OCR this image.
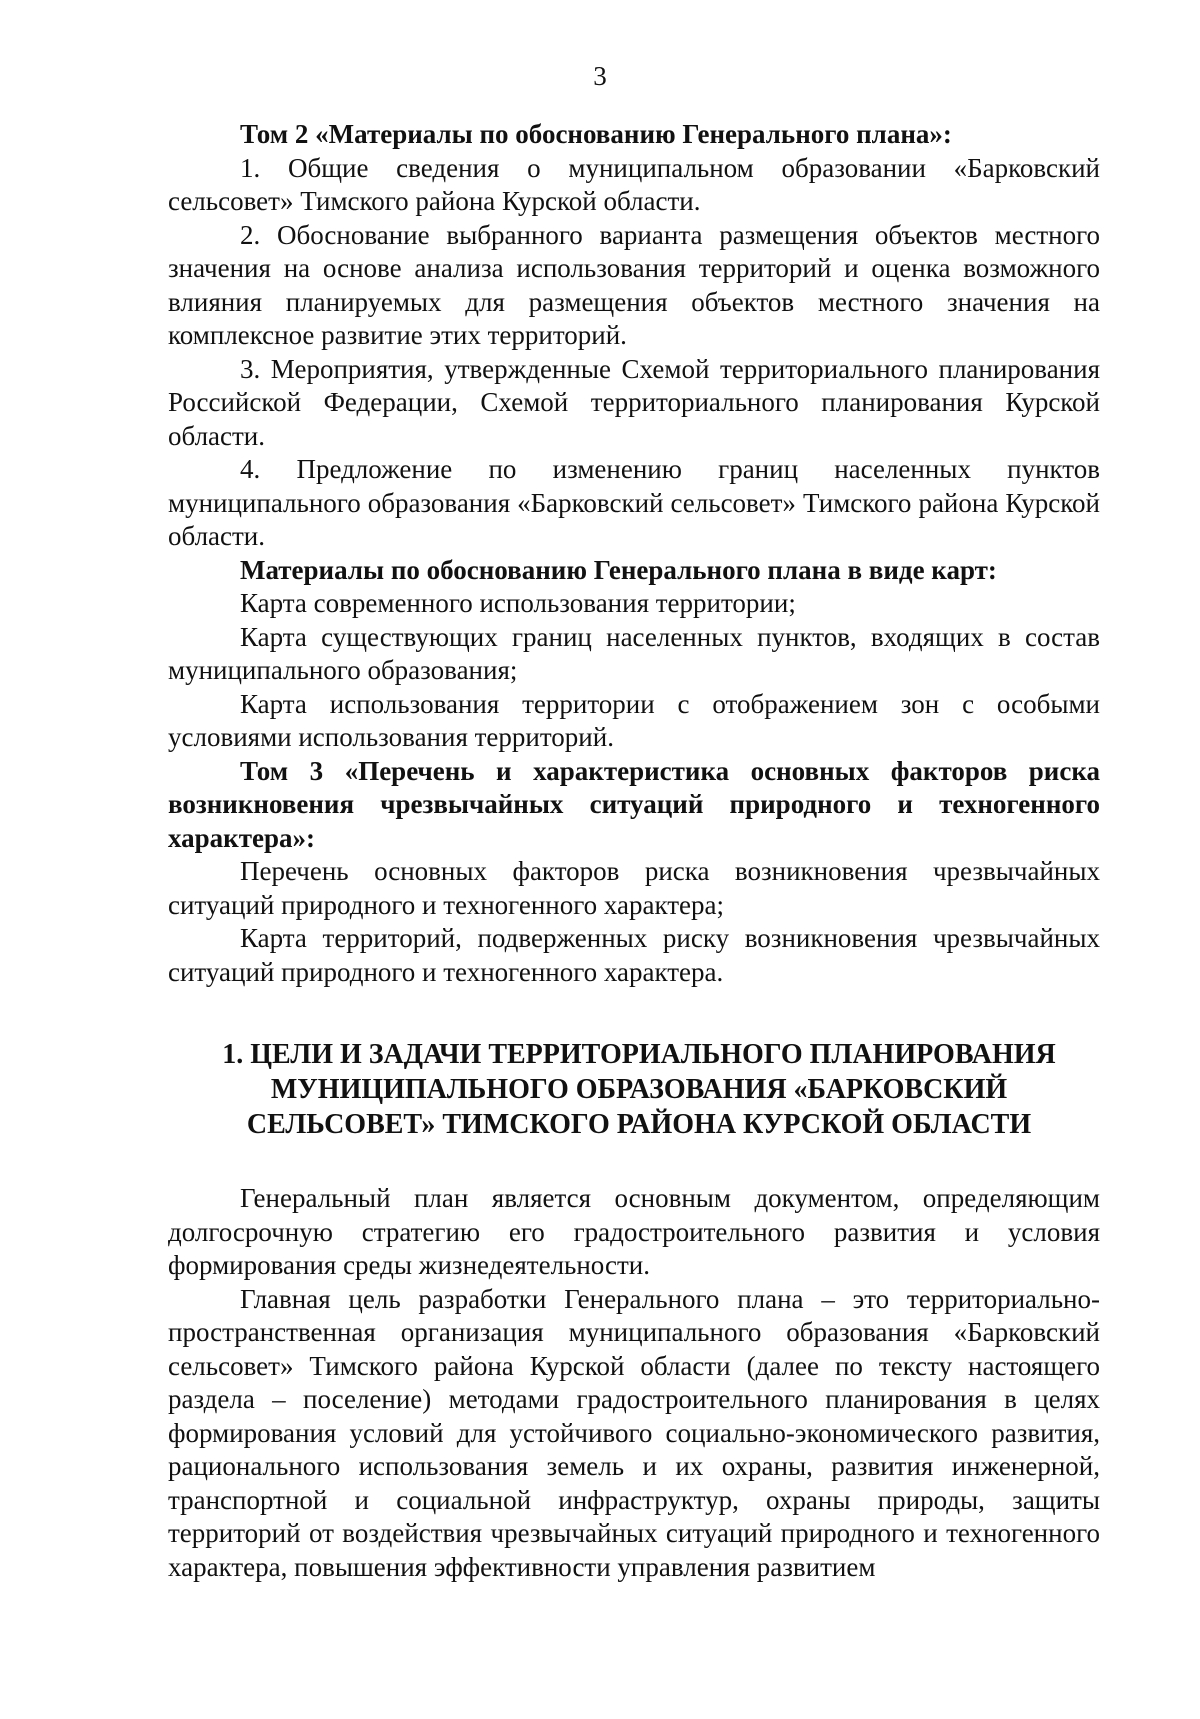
3

Том 2 «Материалы по обоснованию Генерального плана»:

1. Общие сведения о муниципальном образовании «Барковский сельсовет» Тимского района Курской области.

2. Обоснование выбранного варианта размещения объектов местного значения на основе анализа использования территорий и оценка возможного влияния планируемых для размещения объектов местного значения на комплексное развитие этих территорий.

3. Мероприятия, утвержденные Схемой территориального планирования Российской Федерации, Схемой территориального планирования Курской области.

4. Предложение по изменению границ населенных пунктов муниципального образования «Барковский сельсовет» Тимского района Курской области.

Материалы по обоснованию Генерального плана в виде карт:

Карта современного использования территории;

Карта существующих границ населенных пунктов, входящих в состав муниципального образования;

Карта использования территории с отображением зон с особыми условиями использования территорий.

Том 3 «Перечень и характеристика основных факторов риска возникновения чрезвычайных ситуаций природного и техногенного характера»:

Перечень основных факторов риска возникновения чрезвычайных ситуаций природного и техногенного характера;

Карта территорий, подверженных риску возникновения чрезвычайных ситуаций природного и техногенного характера.

1. ЦЕЛИ И ЗАДАЧИ ТЕРРИТОРИАЛЬНОГО ПЛАНИРОВАНИЯ
МУНИЦИПАЛЬНОГО ОБРАЗОВАНИЯ «БАРКОВСКИЙ
СЕЛЬСОВЕТ» ТИМСКОГО РАЙОНА КУРСКОЙ ОБЛАСТИ

Генеральный план является основным документом, определяющим долгосрочную стратегию его градостроительного развития и условия формирования среды жизнедеятельности.

Главная цель разработки Генерального плана – это территориально-пространственная организация муниципального образования «Барковский сельсовет» Тимского района Курской области (далее по тексту настоящего раздела – поселение) методами градостроительного планирования в целях формирования условий для устойчивого социально-экономического развития, рационального использования земель и их охраны, развития инженерной, транспортной и социальной инфраструктур, охраны природы, защиты территорий от воздействия чрезвычайных ситуаций природного и техногенного характера, повышения эффективности управления развитием
